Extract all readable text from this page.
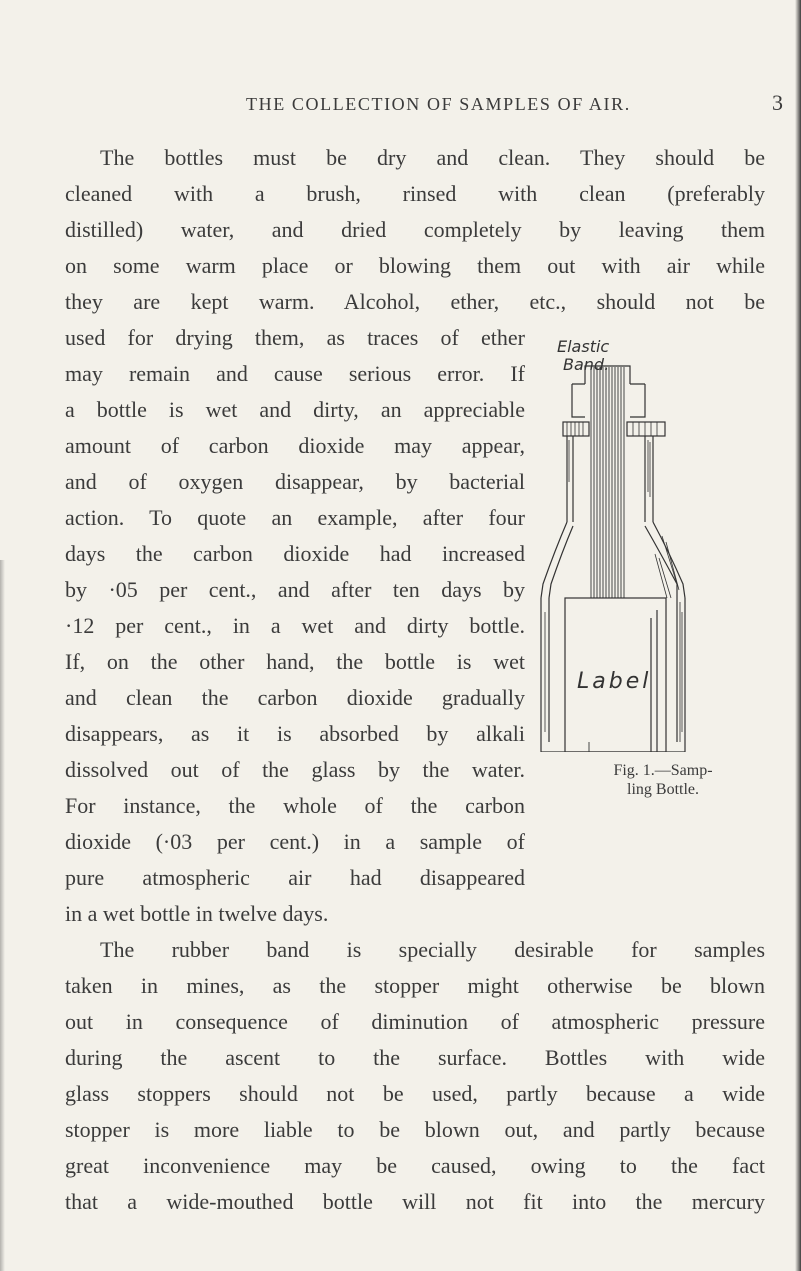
THE COLLECTION OF SAMPLES OF AIR.	3
The bottles must be dry and clean. They should be
cleaned with a brush, rinsed with clean (preferably
distilled) water, and dried completely by leaving them
on some warm place or blowing them out with air while
they are kept warm. Alcohol, ether, etc., should not be
used for drying them, as traces of ether
may remain and cause serious error. If
a bottle is wet and dirty, an appreciable
amount of carbon dioxide may appear,
and of oxygen disappear, by bacterial
action. To quote an example, after four
days the carbon dioxide had increased
by ·05 per cent., and after ten days by
·12 per cent., in a wet and dirty bottle.
If, on the other hand, the bottle is wet
and clean the carbon dioxide gradually
disappears, as it is absorbed by alkali
dissolved out of the glass by the water.
For instance, the whole of the carbon
dioxide (·03 per cent.) in a sample of
pure atmospheric air had disappeared
in a wet bottle in twelve days.
The rubber band is specially desirable for samples
taken in mines, as the stopper might otherwise be blown
out in consequence of diminution of atmospheric pressure
during the ascent to the surface. Bottles with wide
glass stoppers should not be used, partly because a wide
stopper is more liable to be blown out, and partly because
great inconvenience may be caused, owing to the fact
that a wide-mouthed bottle will not fit into the mercury
Elastic
Band.
Label
Fig. 1.—Samp-
ling Bottle.
